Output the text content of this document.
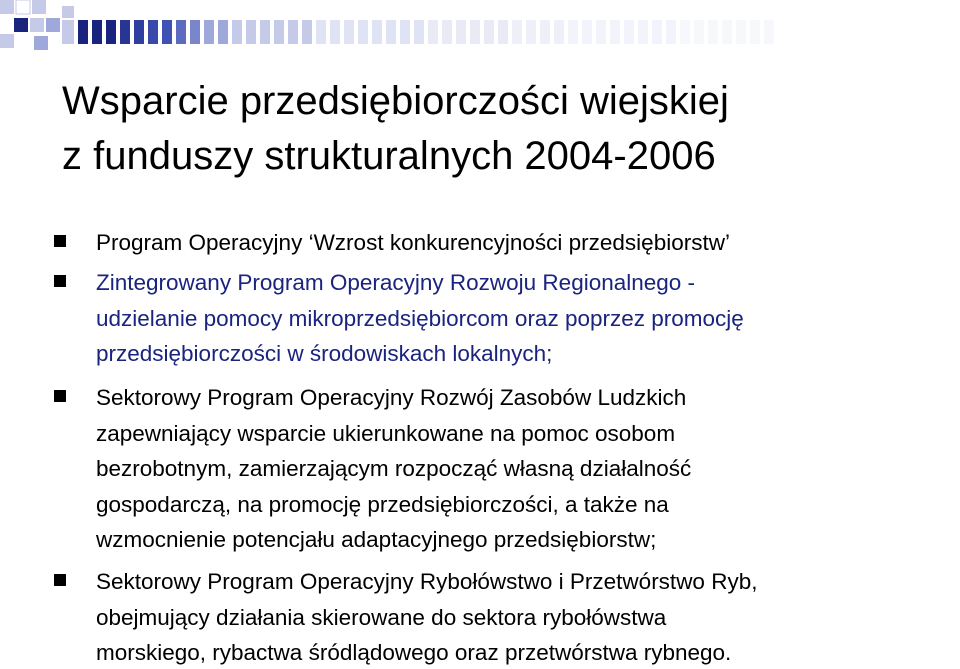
Wsparcie przedsiębiorczości wiejskiej
z funduszy strukturalnych 2004-2006
Program Operacyjny ‘Wzrost konkurencyjności przedsiębiorstw’
Zintegrowany Program Operacyjny Rozwoju Regionalnego -
udzielanie pomocy mikroprzedsiębiorcom oraz poprzez promocję
przedsiębiorczości w środowiskach lokalnych;
Sektorowy Program Operacyjny Rozwój Zasobów Ludzkich
zapewniający wsparcie ukierunkowane na pomoc osobom
bezrobotnym, zamierzającym rozpocząć własną działalność
gospodarczą, na promocję przedsiębiorczości, a także na
wzmocnienie potencjału adaptacyjnego przedsiębiorstw;
Sektorowy Program Operacyjny Rybołówstwo i Przetwórstwo Ryb,
obejmujący działania skierowane do sektora rybołówstwa
morskiego, rybactwa śródlądowego oraz przetwórstwa rybnego.
